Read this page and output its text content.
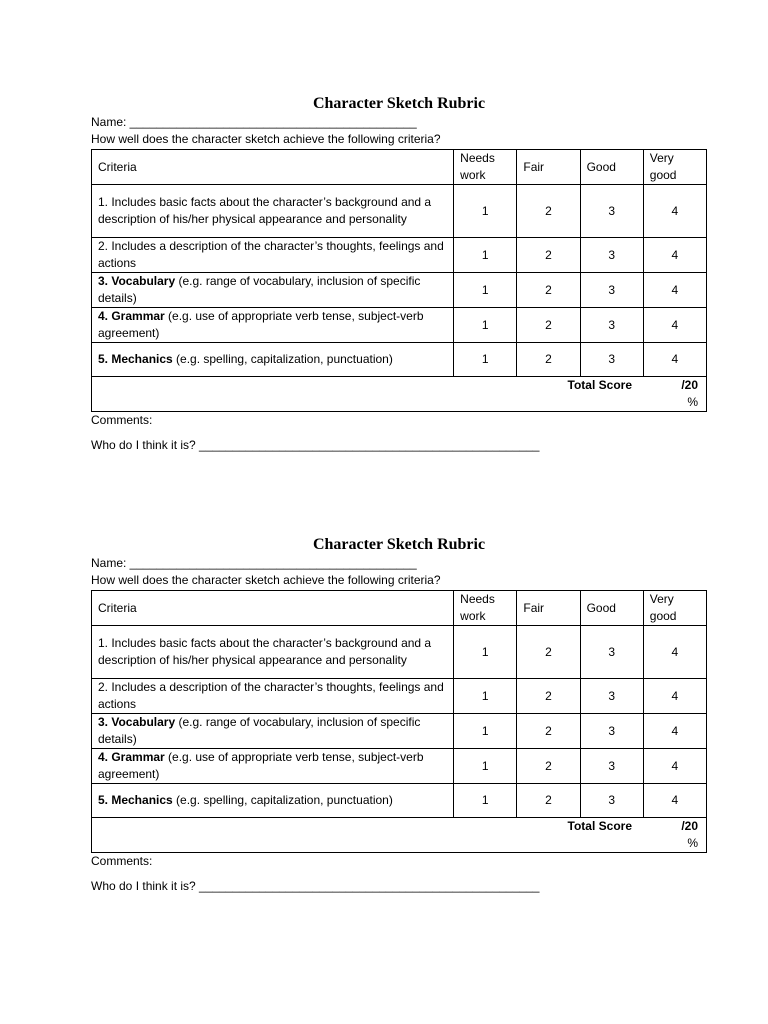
Character Sketch Rubric
Name: ___________________________________________
How well does the character sketch achieve the following criteria?
Criteria	Needs work	Fair	Good	Very good
1. Includes basic facts about the character’s background and a description of his/her physical appearance and personality	1	2	3	4
2. Includes a description of the character’s thoughts, feelings and actions	1	2	3	4
3. Vocabulary (e.g. range of vocabulary, inclusion of specific details)	1	2	3	4
4. Grammar (e.g. use of appropriate verb tense, subject-verb agreement)	1	2	3	4
5. Mechanics (e.g. spelling, capitalization, punctuation)	1	2	3	4

Total Score /20
%				
Comments:
Who do I think it is? ___________________________________________________
Character Sketch Rubric
Name: ___________________________________________
How well does the character sketch achieve the following criteria?
Criteria	Needs work	Fair	Good	Very good
1. Includes basic facts about the character’s background and a description of his/her physical appearance and personality	1	2	3	4
2. Includes a description of the character’s thoughts, feelings and actions	1	2	3	4
3. Vocabulary (e.g. range of vocabulary, inclusion of specific details)	1	2	3	4
4. Grammar (e.g. use of appropriate verb tense, subject-verb agreement)	1	2	3	4
5. Mechanics (e.g. spelling, capitalization, punctuation)	1	2	3	4

Total Score /20
%				
Comments:
Who do I think it is? ___________________________________________________
